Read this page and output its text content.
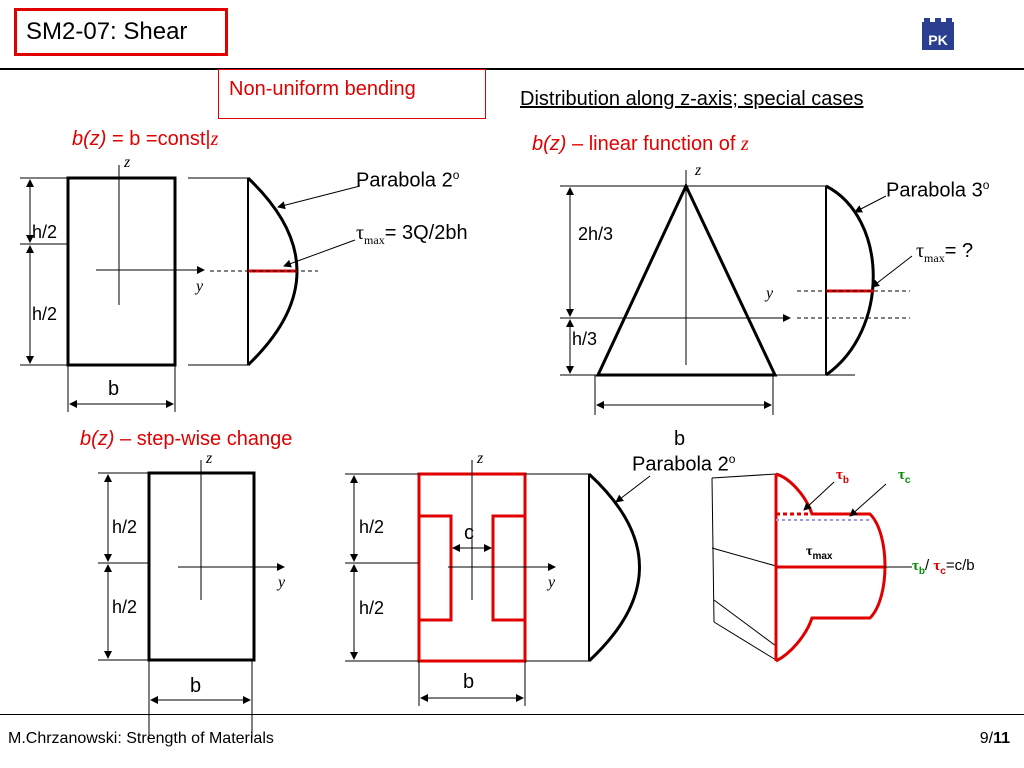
SM2-07: Shear	PK
Non-uniform bending	Distribution along z-axis; special cases
b(z) = b =const|z
z
y
h/2
h/2
b
Parabola 2$^o$
$\tau_{max}= 3Q/2bh$
b(z) – linear function of z
z
y
2h/3
h/3
b
Parabola 3$^o$
$\tau_{max}=$ ?
b(z) – step-wise change
z
y
h/2
h/2
b
z
y
h/2
h/2
c
b
Parabola 2$^o$
$\tau_b$	$\tau_c$
$\tau_{max}$
$\tau_b/$ $\tau_c=c/b$
M.Chrzanowski: Strength of Materials	9/11
